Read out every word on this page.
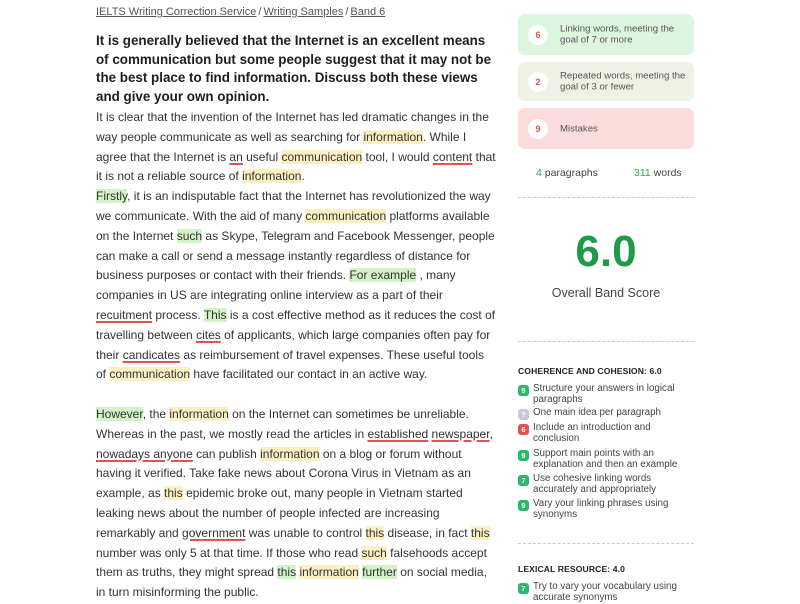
IELTS Writing Correction Service / Writing Samples / Band 6
It is generally believed that the Internet is an excellent means of communication but some people suggest that it may not be the best place to find information. Discuss both these views and give your own opinion.

It is clear that the invention of the Internet has led dramatic changes in the way people communicate as well as searching for information. While I agree that the Internet is an useful communication tool, I would content that it is not a reliable source of information.

Firstly, it is an indisputable fact that the Internet has revolutionized the way we communicate. With the aid of many communication platforms available on the Internet such as Skype, Telegram and Facebook Messenger, people can make a call or send a message instantly regardless of distance for business purposes or contact with their friends. For example , many companies in US are integrating online interview as a part of their recuitment process. This is a cost effective method as it reduces the cost of travelling between cites of applicants, which large companies often pay for their candicates as reimbursement of travel expenses. These useful tools of communication have facilitated our contact in an active way.

However, the information on the Internet can sometimes be unreliable. Whereas in the past, we mostly read the articles in established newspaper, nowadays anyone can publish information on a blog or forum without having it verified. Take fake news about Corona Virus in Vietnam as an example, as this epidemic broke out, many people in Vietnam started leaking news about the number of people infected are increasing remarkably and government was unable to control this disease, in fact this number was only 5 at that time. If those who read such falsehoods accept them as truths, they might spread this information further on social media, in turn misinforming the public.

6
Linking words, meeting the goal of 7 or more
2
Repeated words, meeting the goal of 3 or fewer
9	Mistakes
4 paragraphs	311 words
6.0
Overall Band Score
COHERENCE AND COHESION: 6.0
9 Structure your answers in logical paragraphs
? One main idea per paragraph
6 Include an introduction and conclusion
9 Support main points with an explanation and then an example
7 Use cohesive linking words accurately and appropriately
9 Vary your linking phrases using synonyms
LEXICAL RESOURCE: 4.0
7 Try to vary your vocabulary using accurate synonyms
